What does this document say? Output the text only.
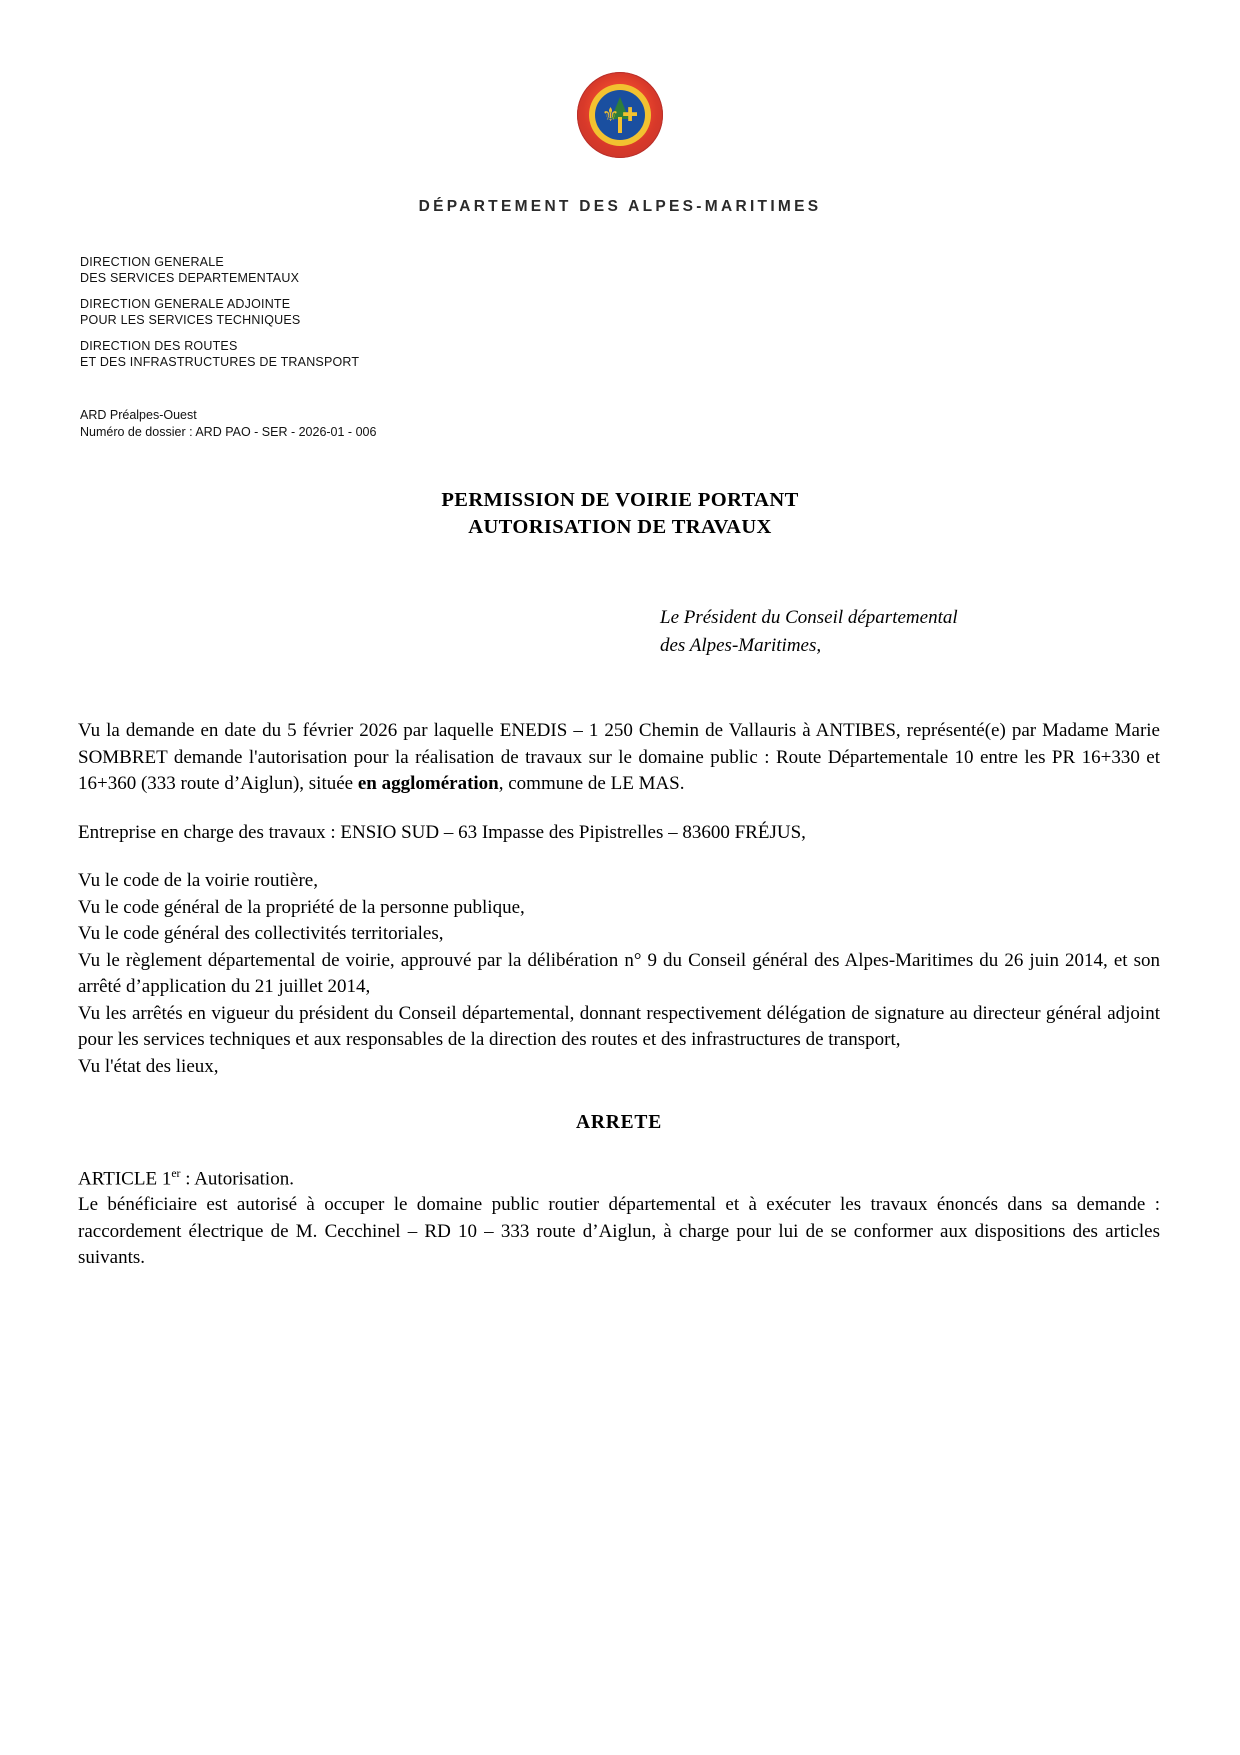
⚜ ✚
DÉPARTEMENT DES ALPES-MARITIMES
DIRECTION GENERALE
DES SERVICES DEPARTEMENTAUX
DIRECTION GENERALE ADJOINTE
POUR LES SERVICES TECHNIQUES
DIRECTION DES ROUTES
ET DES INFRASTRUCTURES DE TRANSPORT
ARD Préalpes-Ouest
Numéro de dossier : ARD PAO - SER - 2026-01 - 006
PERMISSION DE VOIRIE PORTANT
AUTORISATION DE TRAVAUX
Le Président du Conseil départemental
des Alpes-Maritimes,

Vu la demande en date du 5 février 2026 par laquelle ENEDIS – 1 250 Chemin de Vallauris à ANTIBES, représenté(e) par Madame Marie SOMBRET demande l'autorisation pour la réalisation de travaux sur le domaine public : Route Départementale 10 entre les PR 16+330 et 16+360 (333 route d’Aiglun), située en agglomération, commune de LE MAS.

Entreprise en charge des travaux : ENSIO SUD – 63 Impasse des Pipistrelles – 83600 FRÉJUS,

Vu le code de la voirie routière,

Vu le code général de la propriété de la personne publique,

Vu le code général des collectivités territoriales,

Vu le règlement départemental de voirie, approuvé par la délibération n° 9 du Conseil général des Alpes-Maritimes du 26 juin 2014, et son arrêté d’application du 21 juillet 2014,

Vu les arrêtés en vigueur du président du Conseil départemental, donnant respectivement délégation de signature au directeur général adjoint pour les services techniques et aux responsables de la direction des routes et des infrastructures de transport,

Vu l'état des lieux,

ARRETE

ARTICLE 1er : Autorisation.

Le bénéficiaire est autorisé à occuper le domaine public routier départemental et à exécuter les travaux énoncés dans sa demande : raccordement électrique de M. Cecchinel – RD 10 – 333 route d’Aiglun, à charge pour lui de se conformer aux dispositions des articles suivants.
